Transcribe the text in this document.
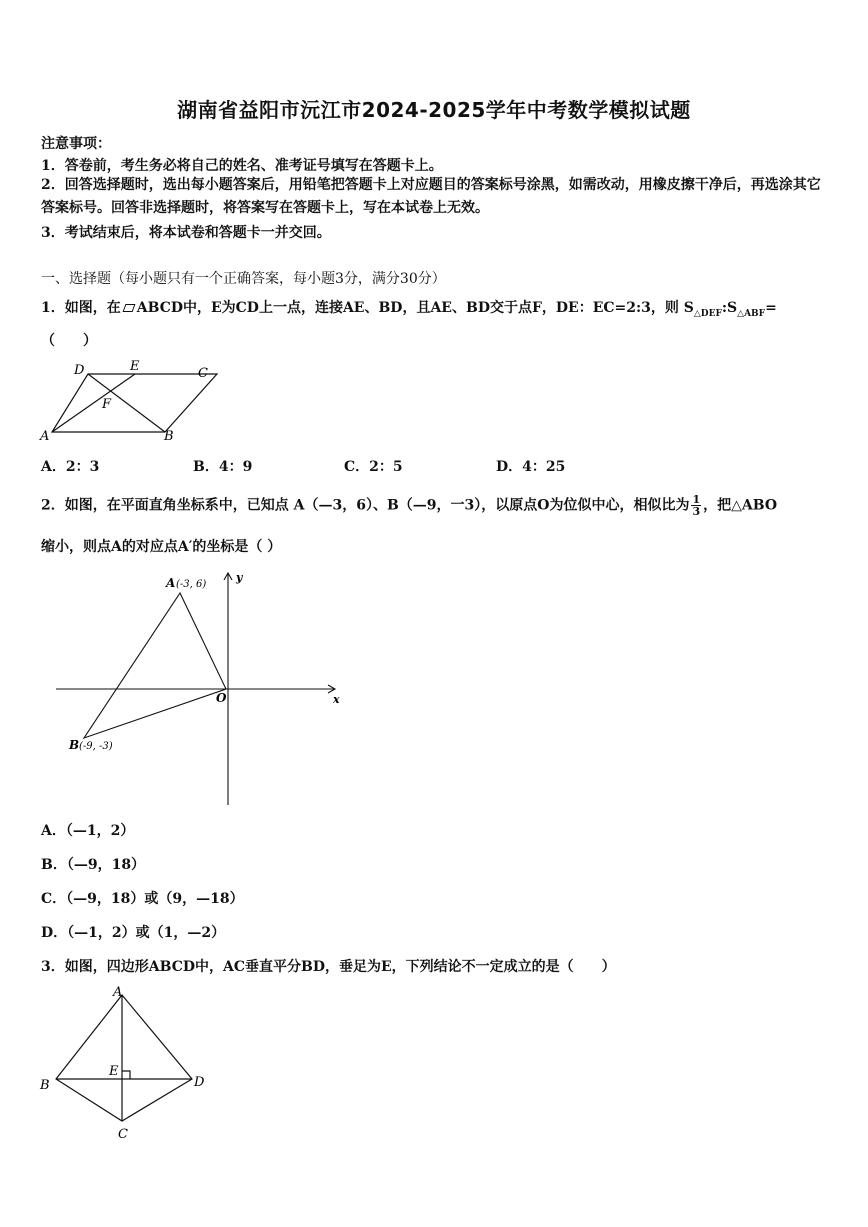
湖南省益阳市沅江市2024-2025学年中考数学模拟试题
注意事项：
1．答卷前，考生务必将自己的姓名、准考证号填写在答题卡上。
2．回答选择题时，选出每小题答案后，用铅笔把答题卡上对应题目的答案标号涂黑，如需改动，用橡皮擦干净后，再选涂其它答案标号。回答非选择题时，将答案写在答题卡上，写在本试卷上无效。
3．考试结束后，将本试卷和答题卡一并交回。
一、选择题（每小题只有一个正确答案，每小题3分，满分30分）
1．如图，在 ABCD中，E为CD上一点，连接AE、BD，且AE、BD交于点F，DE：EC=2:3，则 $S_{\triangle DEF}:S_{\triangle ABF}=$
（　　）
D	E	C
F
A	B
A．2：3	B．4：9	C．2：5	D．4：25
2．如图，在平面直角坐标系中，已知点 A（—3，6）、B（—9，一3），以原点O为位似中心，相似比为 $\frac{1}{3}$ ，把△ABO
缩小，则点A的对应点A′的坐标是（ ）
A (-3, 6)
B (-9, -3)
O	x
y
A．（—1，2）
B．（—9，18）
C．（—9，18）或（9，—18）
D．（—1，2）或（1，—2）
3．如图，四边形ABCD中，AC垂直平分BD，垂足为E，下列结论不一定成立的是（　　）
A
B
E
D
C
